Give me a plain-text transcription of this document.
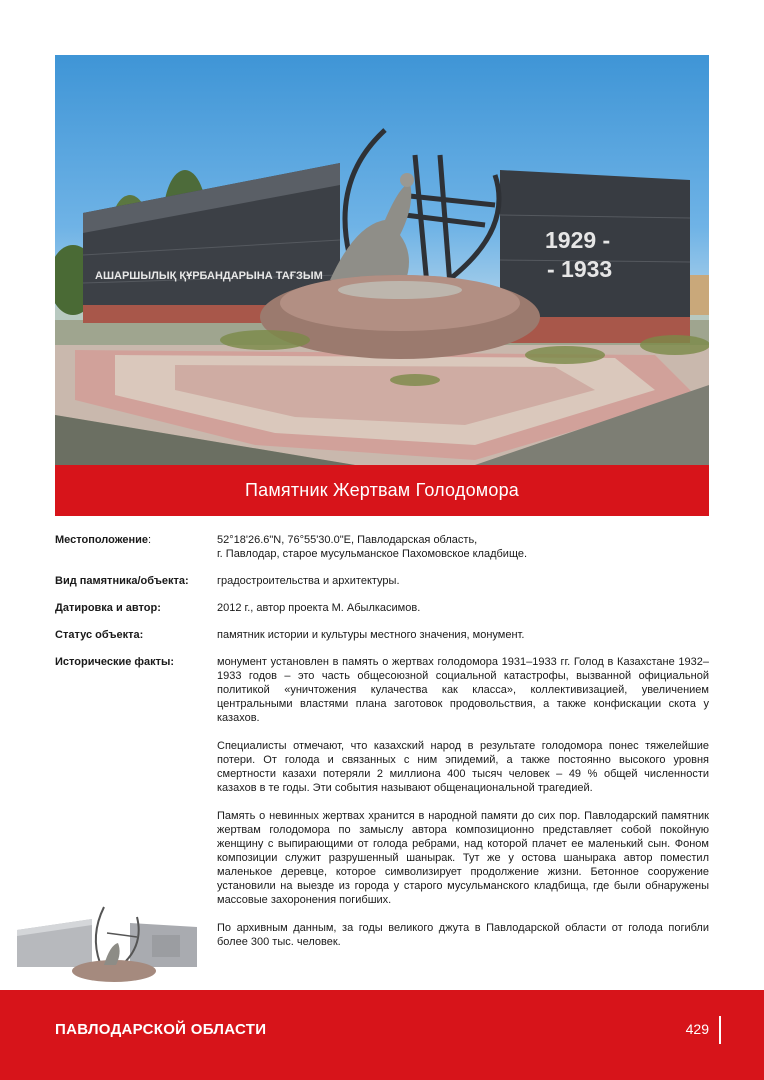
АШАРШЫЛЫҚ ҚҰРБАНДАРЫНА ТАҒЗЫМ
1929 -
- 1933
Памятник Жертвам Голодомора
Местоположение:	52°18'26.6"N, 76°55'30.0"E, Павлодарская область,
г. Павлодар, старое мусульманское Пахомовское кладбище.
Вид памятника/объекта:	градостроительства и архитектуры.
Датировка и автор:	2012 г., автор проекта М. Абылкасимов.
Статус объекта:	памятник истории и культуры местного значения, монумент.
Исторические факты:	монумент установлен в память о жертвах голодомора 1931–1933 гг. Голод в Казахстане 1932–1933 годов – это часть общесоюзной социальной катастрофы, вызванной официальной политикой «уничтожения кулачества как класса», коллективизацией, увеличением центральными властями плана заготовок продовольствия, а также конфискации скота у казахов.

Специалисты отмечают, что казахский народ в результате голодомора понес тяжелейшие потери. От голода и связанных с ним эпидемий, а также постоянно высокого уровня смертности казахи потеряли 2 миллиона 400 тысяч человек – 49 % общей численности казахов в те годы. Эти события называют общенациональной трагедией.

Память о невинных жертвах хранится в народной памяти до сих пор. Павлодарский памятник жертвам голодомора по замыслу автора композиционно представляет собой покойную женщину с выпирающими от голода ребрами, над которой плачет ее маленький сын. Фоном композиции служит разрушенный шанырак. Тут же у остова шанырака автор поместил маленькое деревце, которое символизирует продолжение жизни. Бетонное сооружение установили на выезде из города у старого мусульманского кладбища, где были обнаружены массовые захоронения погибших.

По архивным данным, за годы великого джута в Павлодарской области от голода погибли более 300 тыс. человек.

ПАВЛОДАРСКОЙ ОБЛАСТИ	429
